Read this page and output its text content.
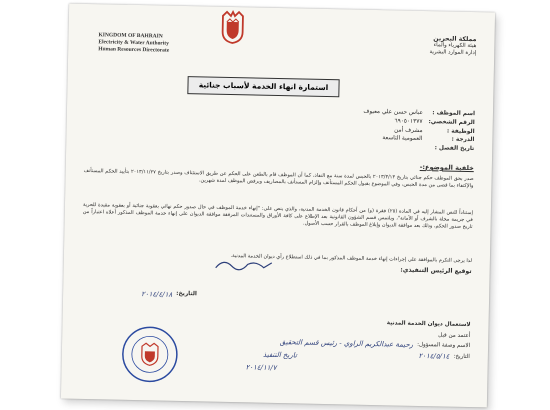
KINGDOM OF BAHRAIN
Electricity & Water Authority
Human Resources Directorate
مملكة البحرين
هيئة الكهرباء والماء
إدارة الموارد البشرية
استمارة انهاء الخدمة لأسباب جنائية
اسم الموظف :
عباس حسن علي معيوف
الرقم الشخصي:
٦٩٠٥٠١٣٧٧
الوظيفة :
مشرف أمن
الدرجة :
العمومية التاسعة
تاريخ الفصل :
خلفية الموضوع:-
صدر بحق الموظف حكم جنائي بتاريخ ٢٠١٣/٣/١٣ بالحبس لمدة سنة مع النفاذ، كما أن الموظف قام بالطعن على الحكم عن طريق الاستئناف وصدر بتاريخ ٢٠١٣/١١/٢٧ بتأييد الحكم المستأنف والإكتفاء بما قضى من مدة الحبس، وفي الموضوع بقبول الحكم المستأنف وإلزام المستأنف بالمصاريف وبرفض الموظف لمدة شهرين.
إستناداً للنص المشار إليه في المادة (٢٥) فقرة (و) من أحكام قانون الخدمة المدنية، والذي ينص على: "إنهاء خدمة الموظف في حال صدور حكم نهائي بعقوبة جنائية أو بعقوبة مقيدة للحرية في جريمة مخلة بالشرف أو الأمانة"، ويلتمس قسم الشؤون القانونية بعد الإطلاع على كافة الأوراق والمستندات المرفقة موافقة الديوان على إنهاء خدمة الموظف المذكور أعلاه اعتباراً من تاريخ صدور الحكم، وذلك بعد موافقة الديوان وإبلاغ الموظف بالقرار حسب الأصول.
لذا يرجى التكرم بالموافقة على إجراءات إنهاء خدمة الموظف المذكور بما في ذلك استطلاع رأي ديوان الخدمة المدنية.
توقيع الرئيس التنفيذي:
التاريخ:
٢٠١٤/٤/١٨
لاستعمال ديوان الخدمة المدنية
أعتمد من قبل
الاسم وصفة المسؤول:
رحيمة عبدالكريم الراوي - رئيس قسم التحقيق
التاريخ:
٢٠١٤/٥/١٤
تاريخ التنفيذ
٢٠١٤/١١/٧
